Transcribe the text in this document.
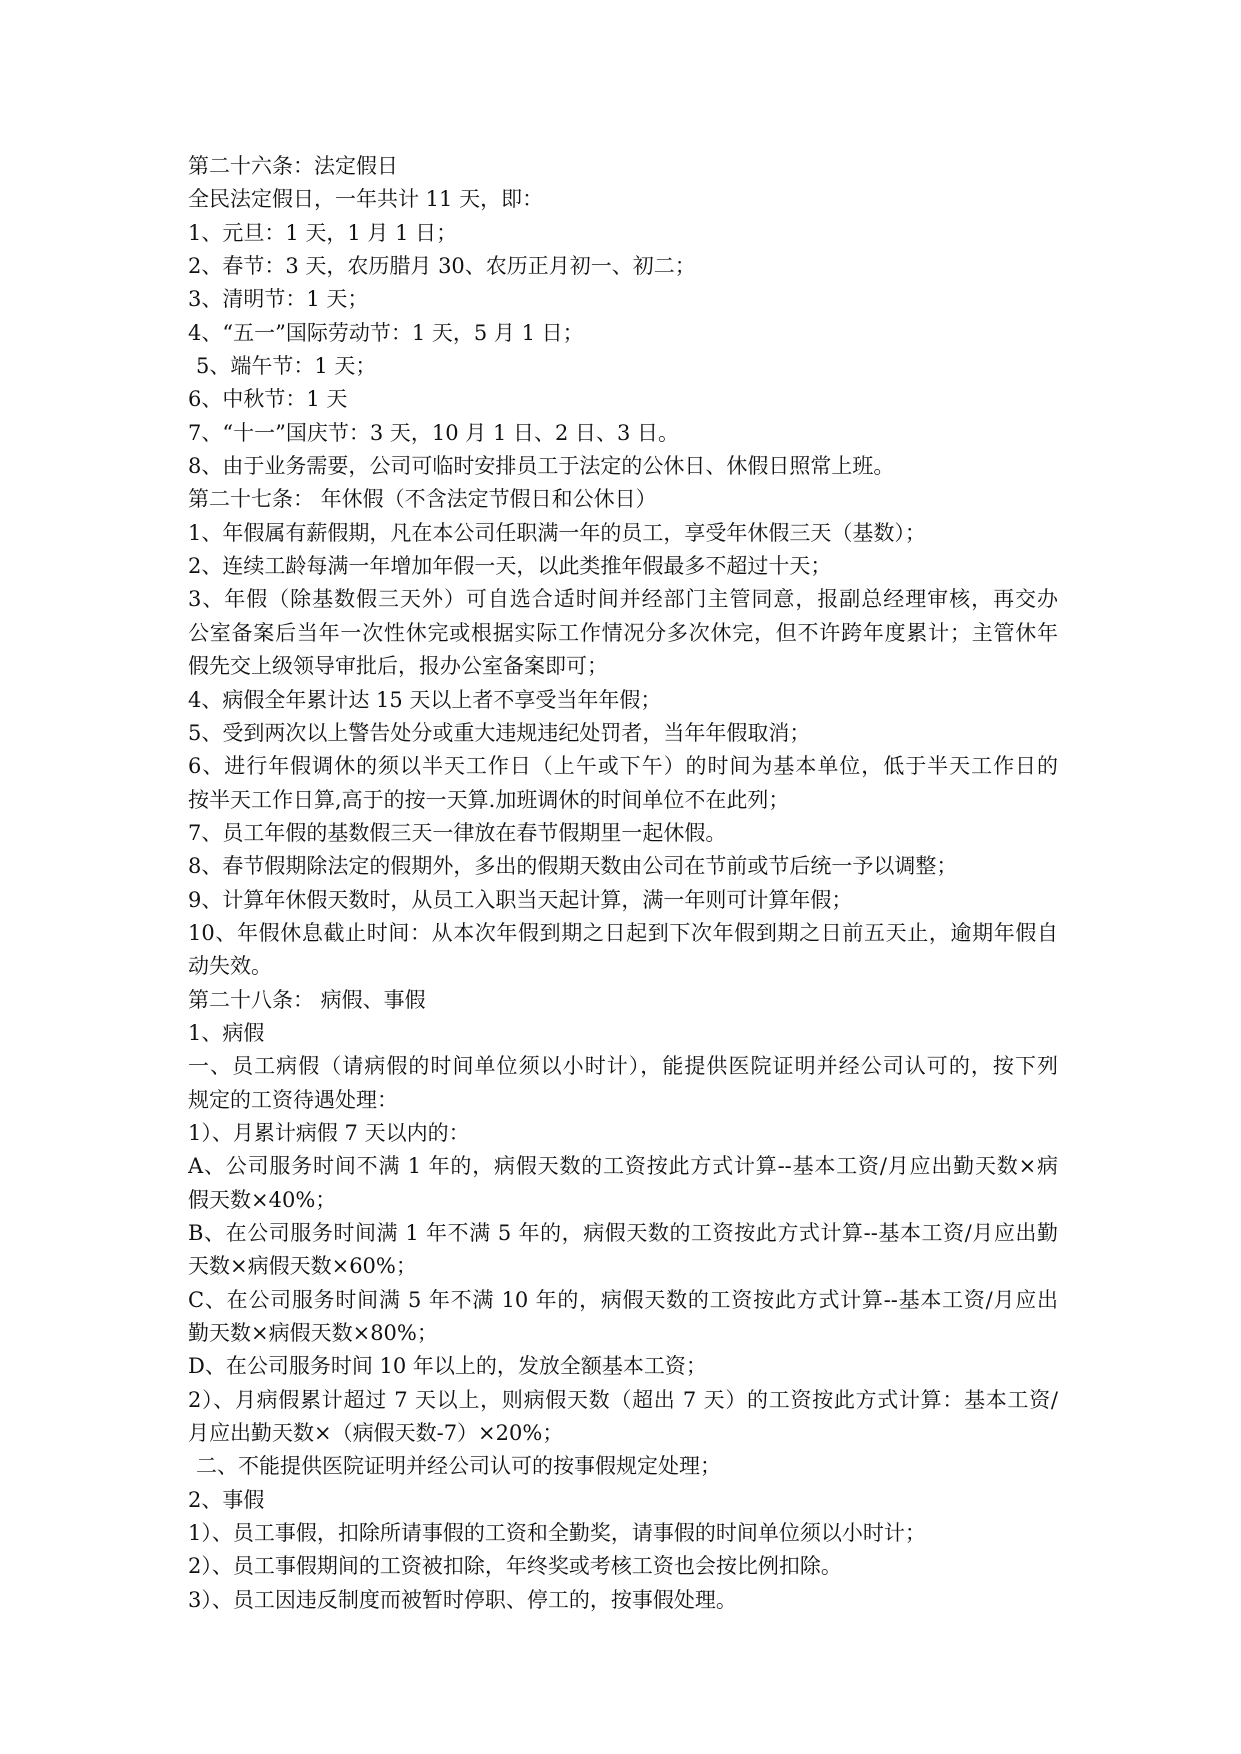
第二十六条：法定假日
全民法定假日，一年共计 11 天，即：
1、元旦：1 天，1 月 1 日；
2、春节：3 天，农历腊月 30、农历正月初一、初二；
3、清明节：1 天；
4、“五一”国际劳动节：1 天，5 月 1 日；
5、端午节：1 天；
6、中秋节：1 天
7、“十一”国庆节：3 天，10 月 1 日、2 日、3 日。
8、由于业务需要，公司可临时安排员工于法定的公休日、休假日照常上班。
第二十七条： 年休假（不含法定节假日和公休日）
1、年假属有薪假期，凡在本公司任职满一年的员工，享受年休假三天（基数）；
2、连续工龄每满一年增加年假一天，以此类推年假最多不超过十天；
3、年假（除基数假三天外）可自选合适时间并经部门主管同意，报副总经理审核，再交办
公室备案后当年一次性休完或根据实际工作情况分多次休完，但不许跨年度累计；主管休年
假先交上级领导审批后，报办公室备案即可；
4、病假全年累计达 15 天以上者不享受当年年假；
5、受到两次以上警告处分或重大违规违纪处罚者，当年年假取消；
6、进行年假调休的须以半天工作日（上午或下午）的时间为基本单位，低于半天工作日的
按半天工作日算,高于的按一天算.加班调休的时间单位不在此列；
7、员工年假的基数假三天一律放在春节假期里一起休假。
8、春节假期除法定的假期外，多出的假期天数由公司在节前或节后统一予以调整；
9、计算年休假天数时，从员工入职当天起计算，满一年则可计算年假；
10、年假休息截止时间：从本次年假到期之日起到下次年假到期之日前五天止，逾期年假自
动失效。
第二十八条： 病假、事假
1、病假
一、员工病假（请病假的时间单位须以小时计），能提供医院证明并经公司认可的，按下列
规定的工资待遇处理：
1）、月累计病假 7 天以内的：
A、公司服务时间不满 1 年的，病假天数的工资按此方式计算--基本工资/月应出勤天数×病
假天数×40%；
B、在公司服务时间满 1 年不满 5 年的，病假天数的工资按此方式计算--基本工资/月应出勤
天数×病假天数×60%；
C、在公司服务时间满 5 年不满 10 年的，病假天数的工资按此方式计算--基本工资/月应出
勤天数×病假天数×80%；
D、在公司服务时间 10 年以上的，发放全额基本工资；
2）、月病假累计超过 7 天以上，则病假天数（超出 7 天）的工资按此方式计算：基本工资/
月应出勤天数×（病假天数-7）×20%；
二、不能提供医院证明并经公司认可的按事假规定处理；
2、事假
1）、员工事假，扣除所请事假的工资和全勤奖，请事假的时间单位须以小时计；
2）、员工事假期间的工资被扣除，年终奖或考核工资也会按比例扣除。
3）、员工因违反制度而被暂时停职、停工的，按事假处理。
